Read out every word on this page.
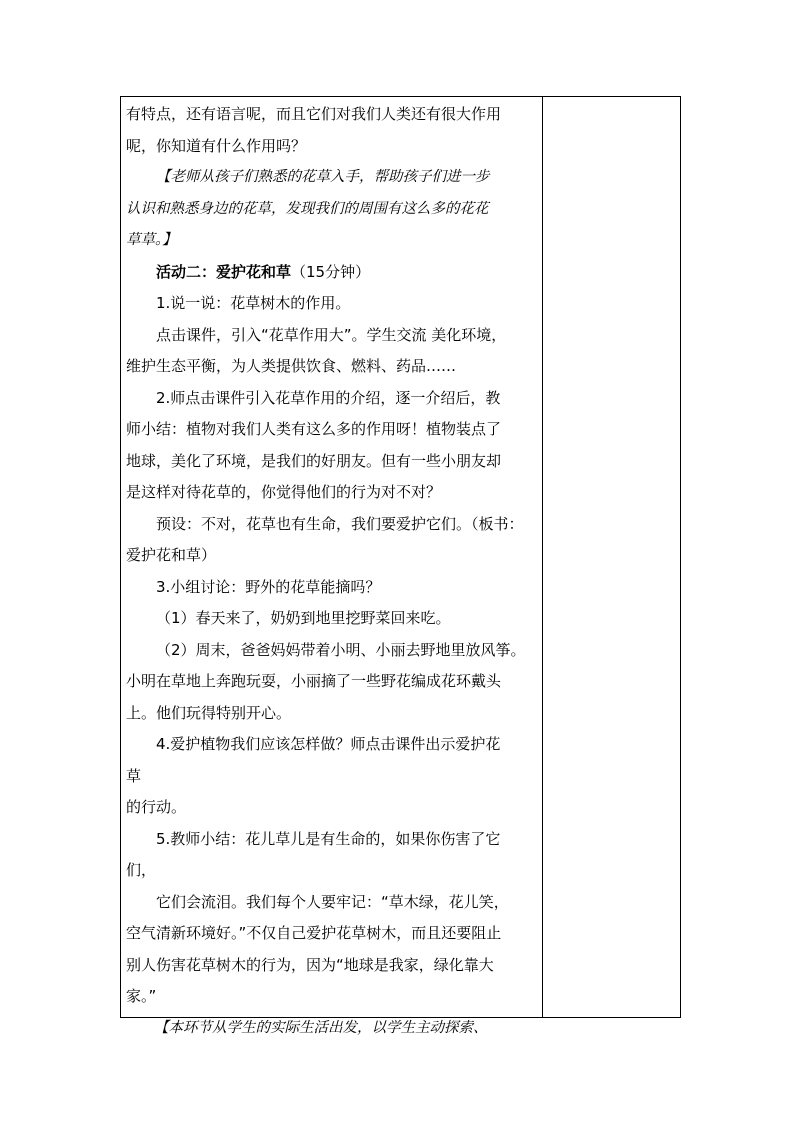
有特点，还有语言呢，而且它们对我们人类还有很大作用

呢，你知道有什么作用吗？

【老师从孩子们熟悉的花草入手，帮助孩子们进一步

认识和熟悉身边的花草，发现我们的周围有这么多的花花

草草。】

活动二：爱护花和草（15分钟）

1.说一说：花草树木的作用。

点击课件，引入“花草作用大”。学生交流 美化环境，

维护生态平衡，为人类提供饮食、燃料、药品……

2.师点击课件引入花草作用的介绍，逐一介绍后，教

师小结：植物对我们人类有这么多的作用呀！植物装点了

地球，美化了环境，是我们的好朋友。但有一些小朋友却

是这样对待花草的，你觉得他们的行为对不对？

预设：不对，花草也有生命，我们要爱护它们。（板书：

爱护花和草）

3.小组讨论：野外的花草能摘吗？

（1）春天来了，奶奶到地里挖野菜回来吃。

（2）周末，爸爸妈妈带着小明、小丽去野地里放风筝。

小明在草地上奔跑玩耍，小丽摘了一些野花编成花环戴头

上。他们玩得特别开心。

4.爱护植物我们应该怎样做？师点击课件出示爱护花

草

的行动。

5.教师小结：花儿草儿是有生命的，如果你伤害了它

们，

它们会流泪。我们每个人要牢记：“草木绿，花儿笑，

空气清新环境好。”不仅自己爱护花草树木，而且还要阻止

别人伤害花草树木的行为，因为“地球是我家，绿化靠大

家。”

【本环节从学生的实际生活出发，以学生主动探索、
